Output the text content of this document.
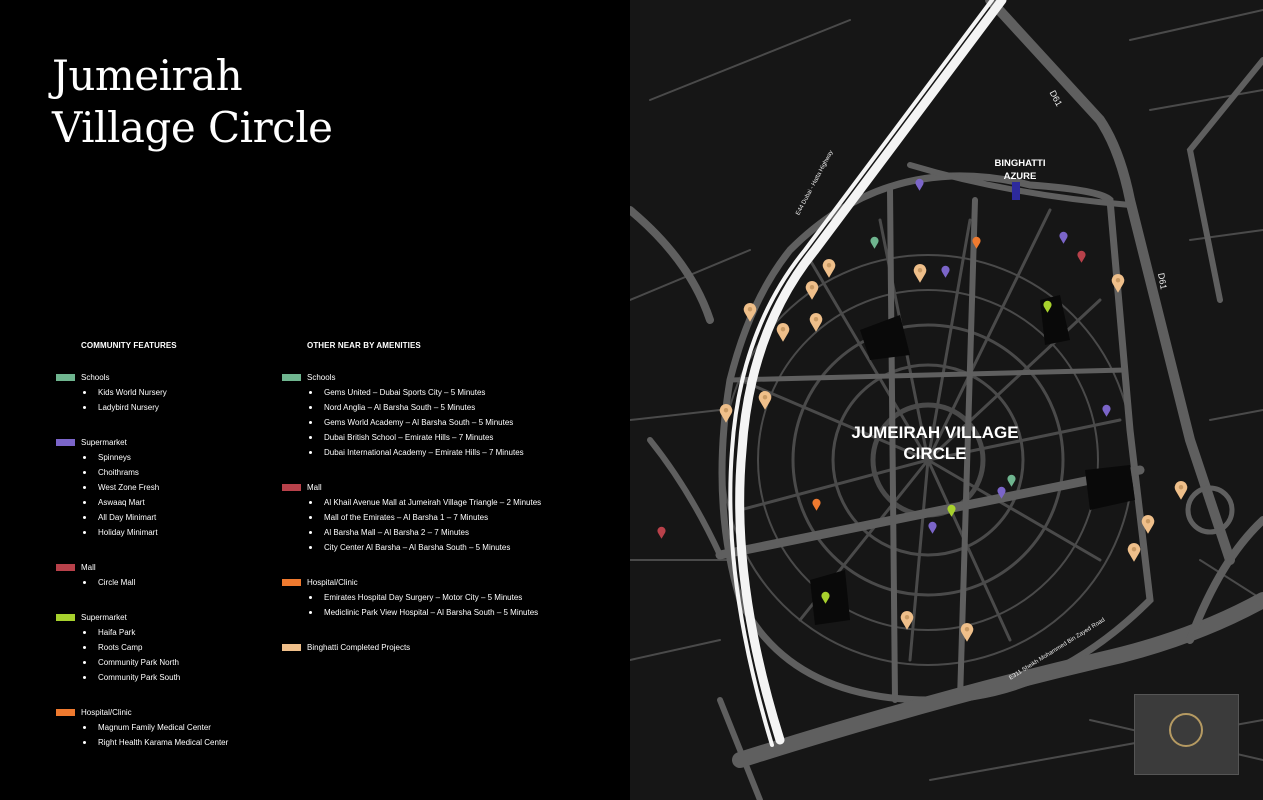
Jumeirah
Village Circle
COMMUNITY FEATURES
Schools
Kids World Nursery
Ladybird Nursery
Supermarket
Spinneys
Choithrams
West Zone Fresh
Aswaaq Mart
All Day Minimart
Holiday Minimart
Mall
Circle Mall
Supermarket
Haifa Park
Roots Camp
Community Park North
Community Park South
Hospital/Clinic
Magnum Family Medical Center
Right Health Karama Medical Center
OTHER NEAR BY AMENITIES
Schools
Gems United – Dubai Sports City – 5 Minutes
Nord Anglia – Al Barsha South – 5 Minutes
Gems World Academy – Al Barsha South – 5 Minutes
Dubai British School – Emirate Hills – 7 Minutes
Dubai International Academy – Emirate Hills – 7 Minutes
Mall
Al Khail Avenue Mall at Jumeirah Village Triangle – 2 Minutes
Mall of the Emirates – Al Barsha 1 – 7 Minutes
Al Barsha Mall – Al Barsha 2 – 7 Minutes
City Center Al Barsha – Al Barsha South – 5 Minutes
Hospital/Clinic
Emirates Hospital Day Surgery – Motor City – 5 Minutes
Mediclinic Park View Hospital – Al Barsha South – 5 Minutes
Binghatti Completed Projects
D61
D61
E44 Dubai - Hatta Highway
E311 Sheikh Mohammed Bin Zayed Road
JUMEIRAH VILLAGE
CIRCLE
BINGHATTI
AZURE
